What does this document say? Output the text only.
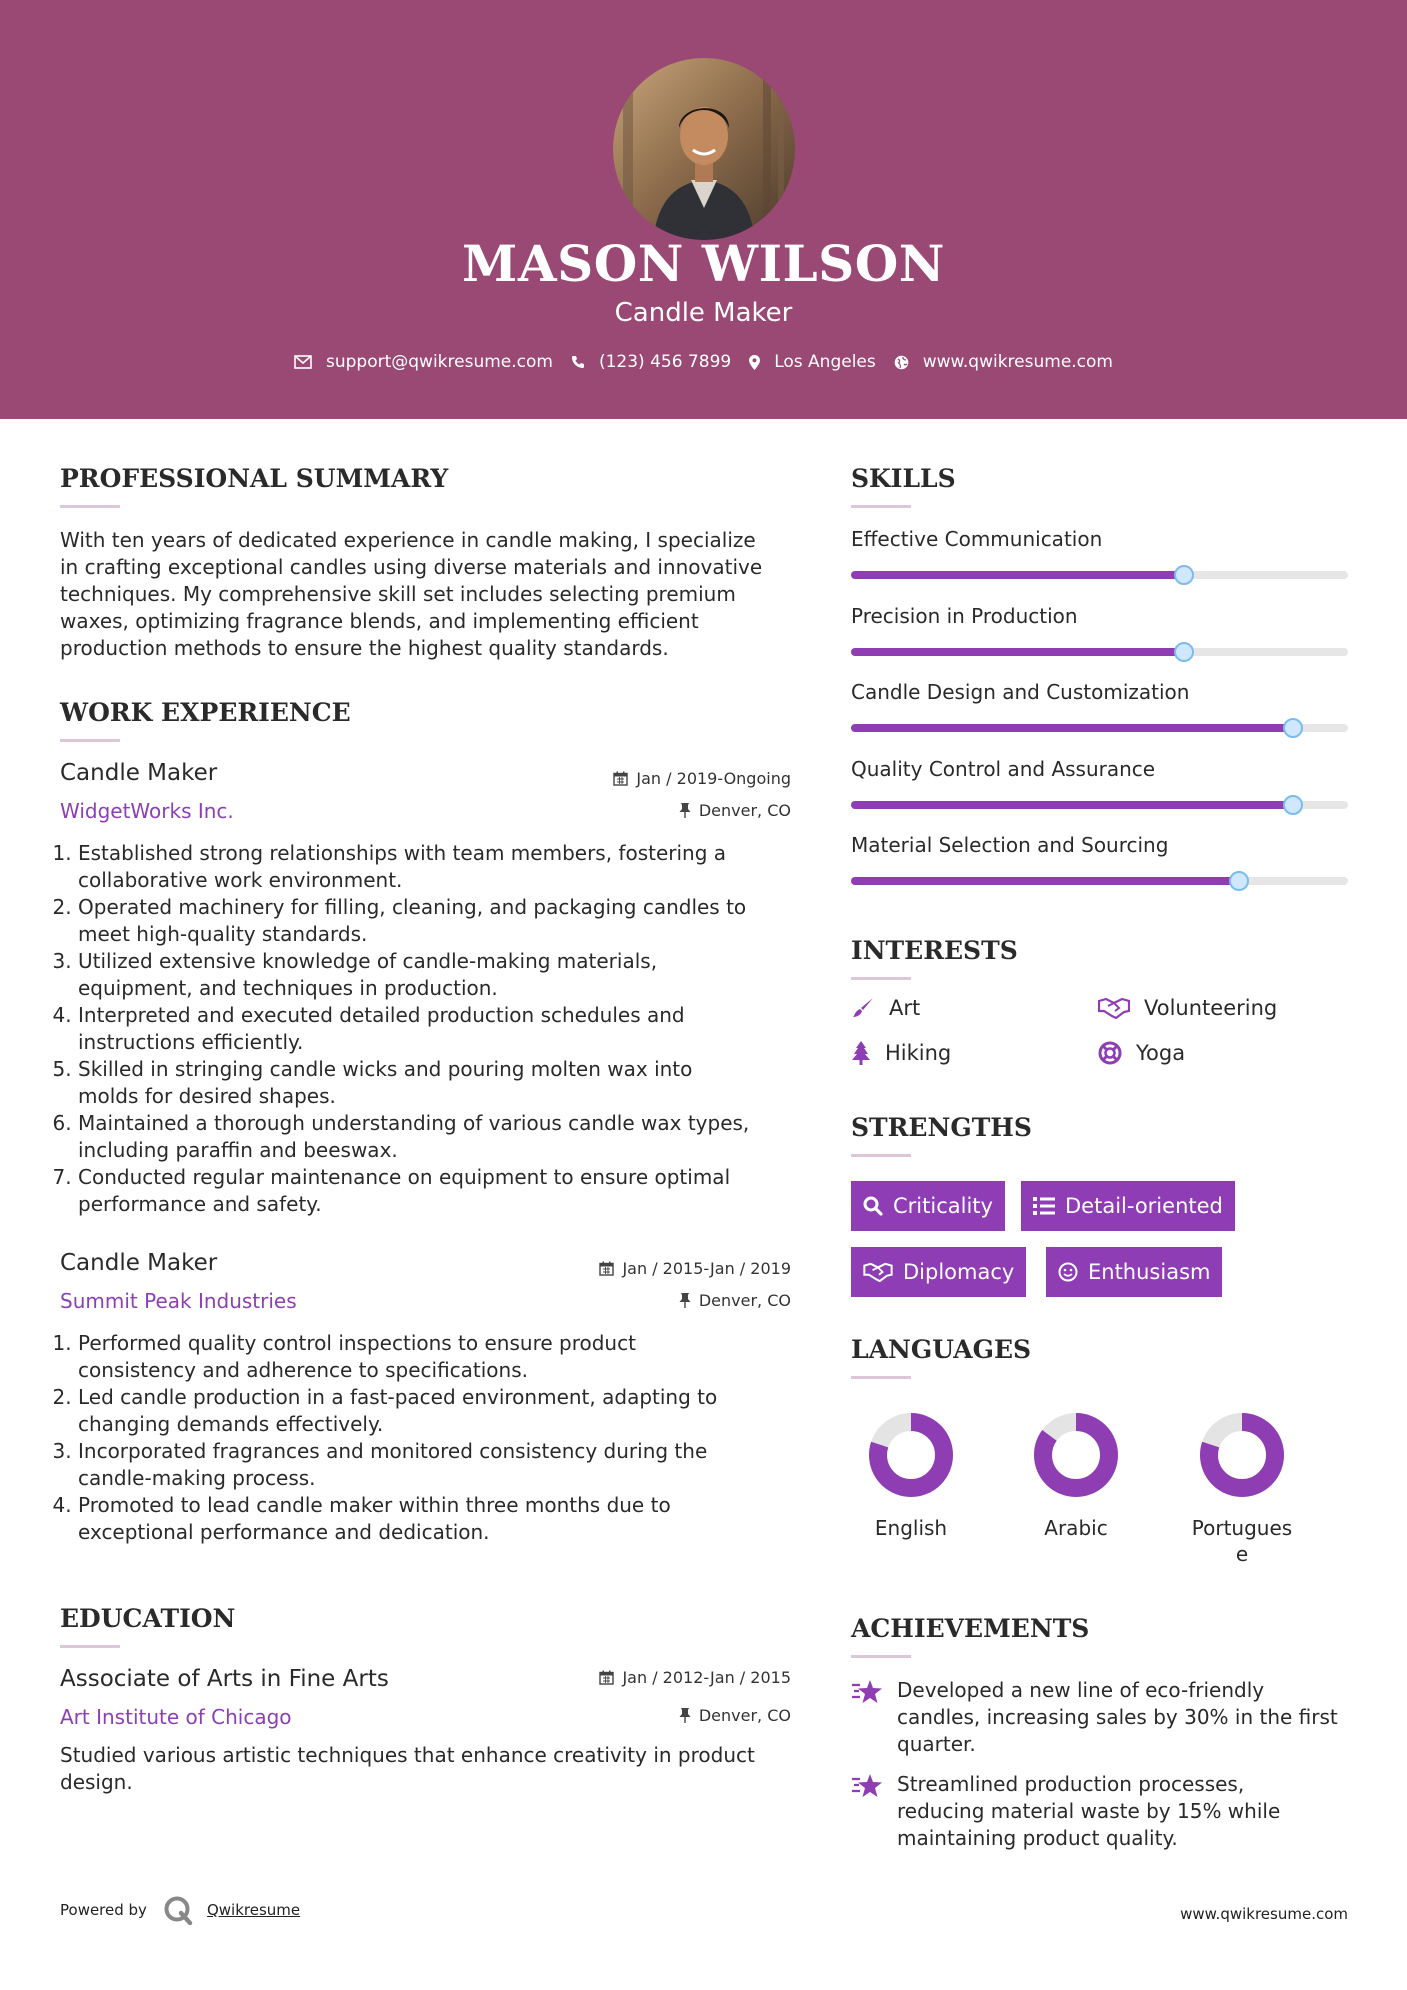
MASON WILSON
Candle Maker
support@qwikresume.com	(123) 456 7899	Los Angeles	www.qwikresume.com
PROFESSIONAL SUMMARY
With ten years of dedicated experience in candle making, I specialize
in crafting exceptional candles using diverse materials and innovative
techniques. My comprehensive skill set includes selecting premium
waxes, optimizing fragrance blends, and implementing efficient
production methods to ensure the highest quality standards.
WORK EXPERIENCE
Candle Maker	Jan / 2019-Ongoing
WidgetWorks Inc.	Denver, CO
1. Established strong relationships with team members, fostering a
collaborative work environment.
2. Operated machinery for filling, cleaning, and packaging candles to
meet high-quality standards.
3. Utilized extensive knowledge of candle-making materials,
equipment, and techniques in production.
4. Interpreted and executed detailed production schedules and
instructions efficiently.
5. Skilled in stringing candle wicks and pouring molten wax into
molds for desired shapes.
6. Maintained a thorough understanding of various candle wax types,
including paraffin and beeswax.
7. Conducted regular maintenance on equipment to ensure optimal
performance and safety.
Candle Maker	Jan / 2015-Jan / 2019
Summit Peak Industries	Denver, CO
1. Performed quality control inspections to ensure product
consistency and adherence to specifications.
2. Led candle production in a fast-paced environment, adapting to
changing demands effectively.
3. Incorporated fragrances and monitored consistency during the
candle-making process.
4. Promoted to lead candle maker within three months due to
exceptional performance and dedication.
EDUCATION
Associate of Arts in Fine Arts	Jan / 2012-Jan / 2015
Art Institute of Chicago	Denver, CO
Studied various artistic techniques that enhance creativity in product
design.
SKILLS
Effective Communication
Precision in Production
Candle Design and Customization
Quality Control and Assurance
Material Selection and Sourcing
INTERESTS
Art	Volunteering
Hiking	Yoga
STRENGTHS
Criticality	Detail-oriented
Diplomacy	Enthusiasm
LANGUAGES
English	Arabic	Portugues
e
ACHIEVEMENTS
Developed a new line of eco-friendly
candles, increasing sales by 30% in the first
quarter.
Streamlined production processes,
reducing material waste by 15% while
maintaining product quality.
Powered by	Qwikresume	www.qwikresume.com
